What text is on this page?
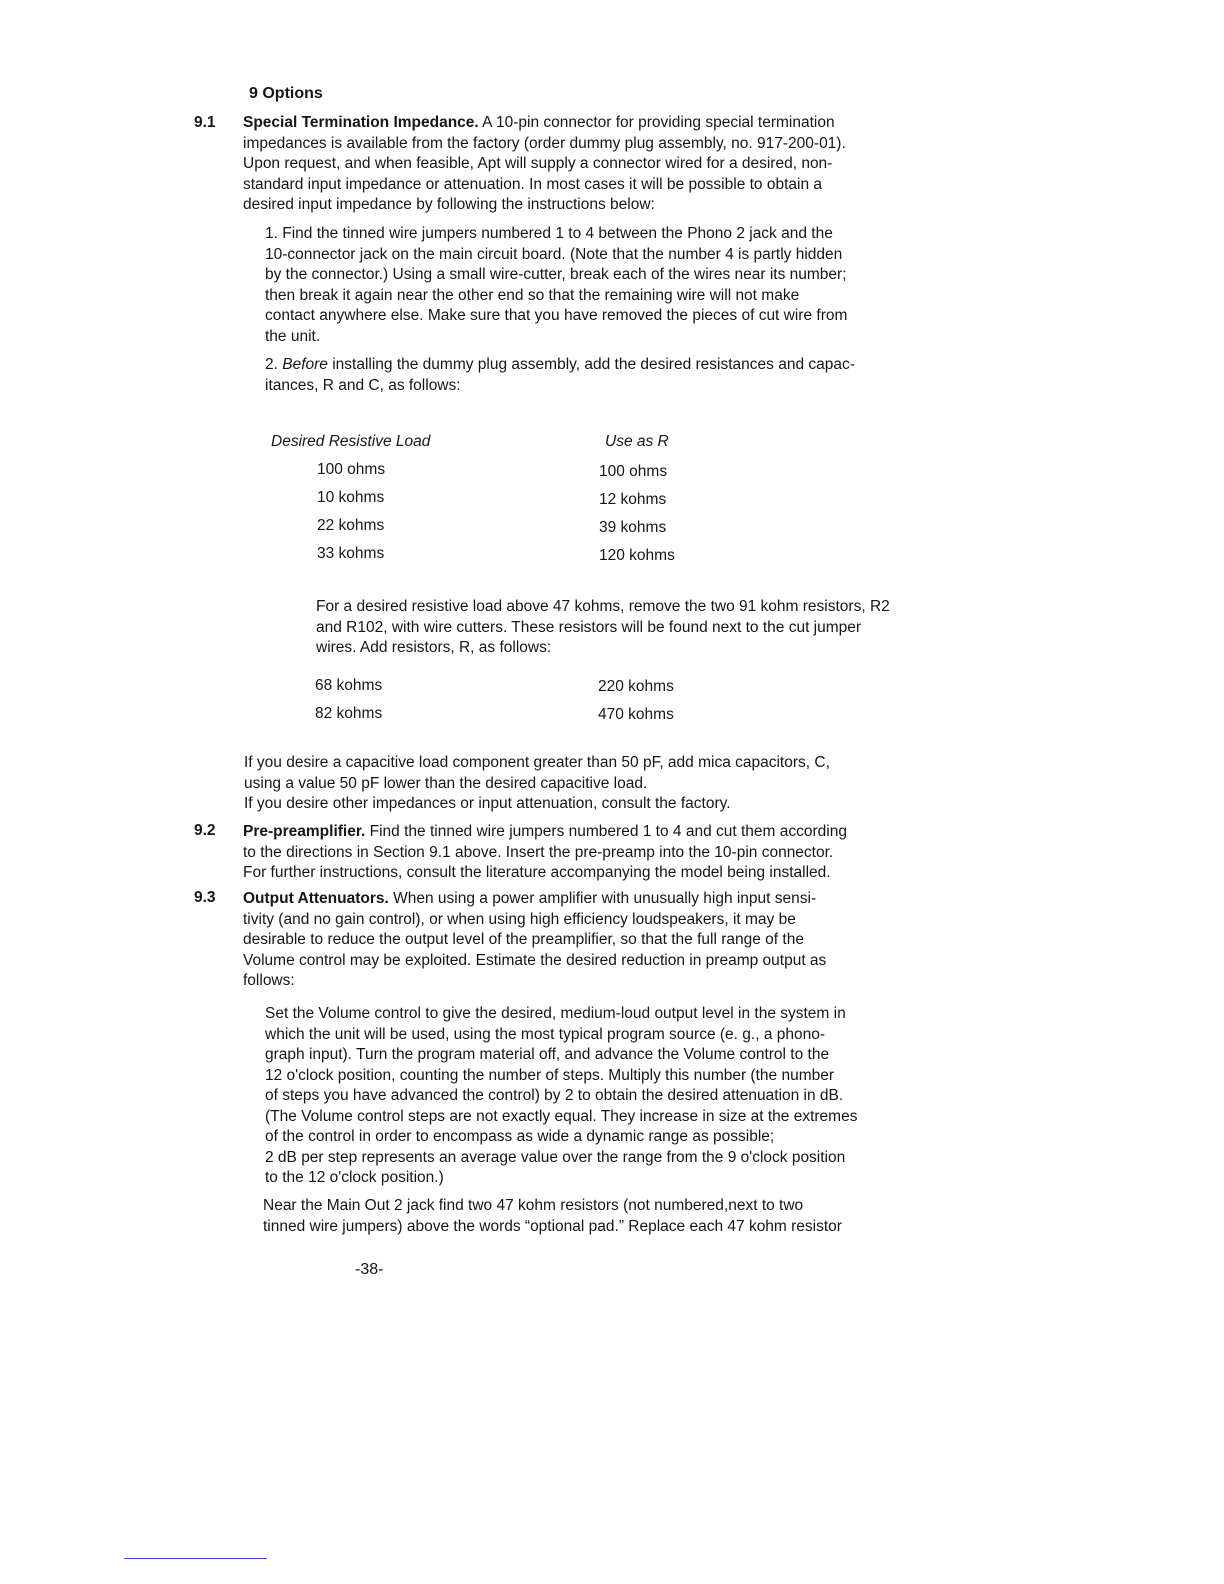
9 Options
9.1 Special Termination Impedance. A 10-pin connector for providing special termination
impedances is available from the factory (order dummy plug assembly, no. 917-200-01).
Upon request, and when feasible, Apt will supply a connector wired for a desired, non-
standard input impedance or attenuation. In most cases it will be possible to obtain a
desired input impedance by following the instructions below:
1. Find the tinned wire jumpers numbered 1 to 4 between the Phono 2 jack and the
10-connector jack on the main circuit board. (Note that the number 4 is partly hidden
by the connector.) Using a small wire-cutter, break each of the wires near its number;
then break it again near the other end so that the remaining wire will not make
contact anywhere else. Make sure that you have removed the pieces of cut wire from
the unit.
2. Before installing the dummy plug assembly, add the desired resistances and capac-
itances, R and C, as follows:
Desired Resistive Load	Use as R
100 ohms	100 ohms
10 kohms	12 kohms
22 kohms	39 kohms
33 kohms	120 kohms
For a desired resistive load above 47 kohms, remove the two 91 kohm resistors, R2
and R102, with wire cutters. These resistors will be found next to the cut jumper
wires. Add resistors, R, as follows:
68 kohms	220 kohms
82 kohms	470 kohms
If you desire a capacitive load component greater than 50 pF, add mica capacitors, C,
using a value 50 pF lower than the desired capacitive load.
If you desire other impedances or input attenuation, consult the factory.
9.2 Pre-preamplifier. Find the tinned wire jumpers numbered 1 to 4 and cut them according
to the directions in Section 9.1 above. Insert the pre-preamp into the 10-pin connector.
For further instructions, consult the literature accompanying the model being installed.
9.3 Output Attenuators. When using a power amplifier with unusually high input sensi-
tivity (and no gain control), or when using high efficiency loudspeakers, it may be
desirable to reduce the output level of the preamplifier, so that the full range of the
Volume control may be exploited. Estimate the desired reduction in preamp output as
follows:
Set the Volume control to give the desired, medium-loud output level in the system in
which the unit will be used, using the most typical program source (e. g., a phono-
graph input). Turn the program material off, and advance the Volume control to the
12 o'clock position, counting the number of steps. Multiply this number (the number
of steps you have advanced the control) by 2 to obtain the desired attenuation in dB.
(The Volume control steps are not exactly equal. They increase in size at the extremes
of the control in order to encompass as wide a dynamic range as possible;
2 dB per step represents an average value over the range from the 9 o'clock position
to the 12 o'clock position.)
Near the Main Out 2 jack find two 47 kohm resistors (not numbered,next to two
tinned wire jumpers) above the words “optional pad.” Replace each 47 kohm resistor
-38-
